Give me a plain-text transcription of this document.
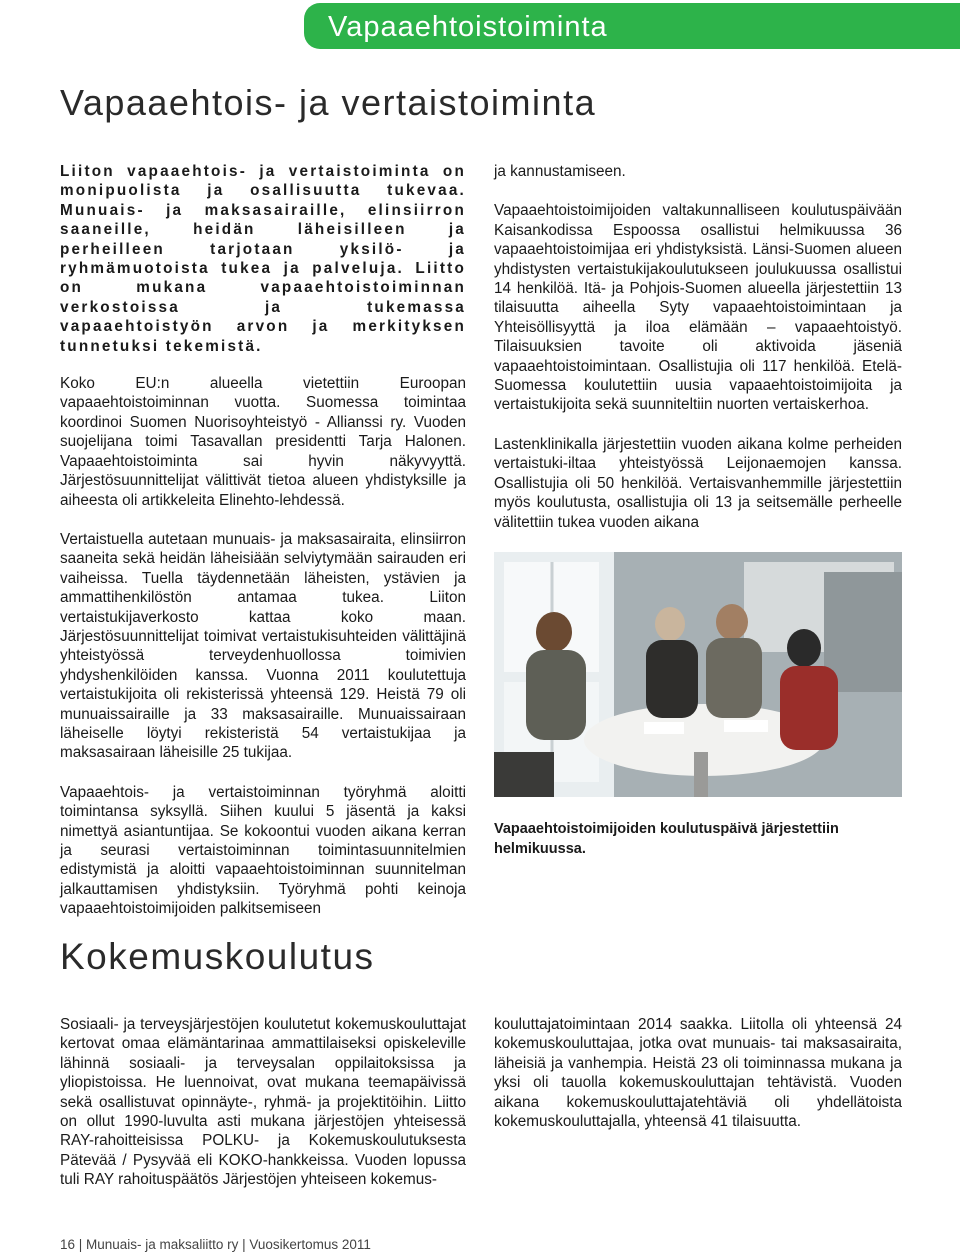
Vapaaehtoistoiminta
Vapaaehtois- ja vertaistoiminta

Liiton vapaaehtois- ja vertaistoiminta on monipuolista ja osallisuutta tukevaa. Munuais- ja maksasairaille, elinsiirron saaneille, heidän läheisilleen ja perheilleen tarjotaan yksilö- ja ryhmämuotoista tukea ja palveluja. Liitto on mukana vapaaehtoistoiminnan verkostoissa ja tukemassa vapaaehtoistyön arvon ja merkityksen tunnetuksi tekemistä.

Koko EU:n alueella vietettiin Euroopan vapaaehtoistoiminnan vuotta. Suomessa toimintaa koordinoi Suomen Nuorisoyhteistyö - Allianssi ry. Vuoden suojelijana toimi Tasavallan presidentti Tarja Halonen. Vapaaehtoistoiminta sai hyvin näkyvyyttä. Järjestösuunnittelijat välittivät tietoa alueen yhdistyksille ja aiheesta oli artikkeleita Elinehto-lehdessä.

Vertaistuella autetaan munuais- ja maksasairaita, elinsiirron saaneita sekä heidän läheisiään selviytymään sairauden eri vaiheissa. Tuella täydennetään läheisten, ystävien ja ammattihenkilöstön antamaa tukea. Liiton vertaistukijaverkosto kattaa koko maan. Järjestösuunnittelijat toimivat vertaistukisuhteiden välittäjinä yhteistyössä terveydenhuollossa toimivien yhdyshenkilöiden kanssa. Vuonna 2011 koulutettuja vertaistukijoita oli rekisterissä yhteensä 129. Heistä 79 oli munuaissairaille ja 33 maksasairaille. Munuaissairaan läheiselle löytyi rekisteristä 54 vertaistukijaa ja maksasairaan läheisille 25 tukijaa.

Vapaaehtois- ja vertaistoiminnan työryhmä aloitti toimintansa syksyllä. Siihen kuului 5 jäsentä ja kaksi nimettyä asiantuntijaa. Se kokoontui vuoden aikana kerran ja seurasi vertaistoiminnan toimintasuunnitelmien edistymistä ja aloitti vapaaehtoistoiminnan suunnitelman jalkauttamisen yhdistyksiin. Työryhmä pohti keinoja vapaaehtoistoimijoiden palkitsemiseen

ja kannustamiseen.

Vapaaehtoistoimijoiden valtakunnalliseen koulutuspäivään Kaisankodissa Espoossa osallistui helmikuussa 36 vapaaehtoistoimijaa eri yhdistyksistä. Länsi-Suomen alueen yhdistysten vertaistukijakoulutukseen joulukuussa osallistui 14 henkilöä. Itä- ja Pohjois-Suomen alueella järjestettiin 13 tilaisuutta aiheella Syty vapaaehtoistoimintaan ja Yhteisöllisyyttä ja iloa elämään – vapaaehtoistyö. Tilaisuuksien tavoite oli aktivoida jäseniä vapaaehtoistoimintaan. Osallistujia oli 117 henkilöä. Etelä-Suomessa koulutettiin uusia vapaaehtoistoimijoita ja vertaistukijoita sekä suunniteltiin nuorten vertaiskerhoa.

Lastenklinikalla järjestettiin vuoden aikana kolme perheiden vertaistuki-iltaa yhteistyössä Leijonaemojen kanssa. Osallistujia oli 50 henkilöä. Vertaisvanhemmille järjestettiin myös koulutusta, osallistujia oli 13 ja seitsemälle perheelle välitettiin tukea vuoden aikana

Vapaaehtoistoimijoiden koulutuspäivä järjestettiin helmikuussa.
Kokemuskoulutus

Sosiaali- ja terveysjärjestöjen koulutetut kokemuskouluttajat kertovat omaa elämäntarinaa ammattilaiseksi opiskeleville lähinnä sosiaali- ja terveysalan oppilaitoksissa ja yliopistoissa. He luennoivat, ovat mukana teemapäivissä sekä osallistuvat opinnäyte-, ryhmä- ja projektitöihin. Liitto on ollut 1990-luvulta asti mukana järjestöjen yhteisessä RAY-rahoitteisissa POLKU- ja Kokemuskoulutuksesta Pätevää / Pysyvää eli KOKO-hankkeissa. Vuoden lopussa tuli RAY rahoituspäätös Järjestöjen yhteiseen kokemus-

kouluttajatoimintaan 2014 saakka. Liitolla oli yhteensä 24 kokemuskouluttajaa, jotka ovat munuais- tai maksasairaita, läheisiä ja vanhempia. Heistä 23 oli toiminnassa mukana ja yksi oli tauolla kokemuskouluttajan tehtävistä. Vuoden aikana kokemuskouluttajatehtäviä oli yhdellätoista kokemuskouluttajalla, yhteensä 41 tilaisuutta.

16 | Munuais- ja maksaliitto ry | Vuosikertomus 2011
